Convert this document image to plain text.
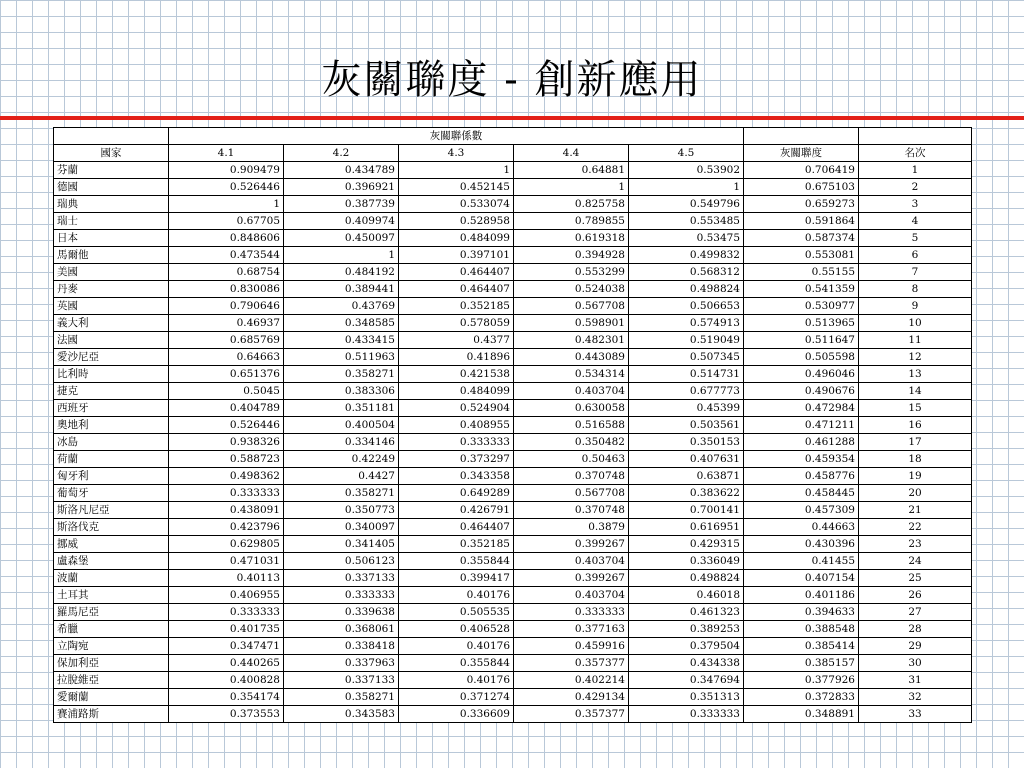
灰關聯度 - 創新應用
	灰關聯係數						
國家	4.1	4.2	4.3	4.4	4.5	灰關聯度	名次
芬蘭	0.909479	0.434789	1	0.64881	0.53902	0.706419	1
德國	0.526446	0.396921	0.452145	1	1	0.675103	2
瑞典	1	0.387739	0.533074	0.825758	0.549796	0.659273	3
瑞士	0.67705	0.409974	0.528958	0.789855	0.553485	0.591864	4
日本	0.848606	0.450097	0.484099	0.619318	0.53475	0.587374	5
馬爾他	0.473544	1	0.397101	0.394928	0.499832	0.553081	6
美國	0.68754	0.484192	0.464407	0.553299	0.568312	0.55155	7
丹麥	0.830086	0.389441	0.464407	0.524038	0.498824	0.541359	8
英國	0.790646	0.43769	0.352185	0.567708	0.506653	0.530977	9
義大利	0.46937	0.348585	0.578059	0.598901	0.574913	0.513965	10
法國	0.685769	0.433415	0.4377	0.482301	0.519049	0.511647	11
愛沙尼亞	0.64663	0.511963	0.41896	0.443089	0.507345	0.505598	12
比利時	0.651376	0.358271	0.421538	0.534314	0.514731	0.496046	13
捷克	0.5045	0.383306	0.484099	0.403704	0.677773	0.490676	14
西班牙	0.404789	0.351181	0.524904	0.630058	0.45399	0.472984	15
奧地利	0.526446	0.400504	0.408955	0.516588	0.503561	0.471211	16
冰島	0.938326	0.334146	0.333333	0.350482	0.350153	0.461288	17
荷蘭	0.588723	0.42249	0.373297	0.50463	0.407631	0.459354	18
匈牙利	0.498362	0.4427	0.343358	0.370748	0.63871	0.458776	19
葡萄牙	0.333333	0.358271	0.649289	0.567708	0.383622	0.458445	20
斯洛凡尼亞	0.438091	0.350773	0.426791	0.370748	0.700141	0.457309	21
斯洛伐克	0.423796	0.340097	0.464407	0.3879	0.616951	0.44663	22
挪威	0.629805	0.341405	0.352185	0.399267	0.429315	0.430396	23
盧森堡	0.471031	0.506123	0.355844	0.403704	0.336049	0.41455	24
波蘭	0.40113	0.337133	0.399417	0.399267	0.498824	0.407154	25
土耳其	0.406955	0.333333	0.40176	0.403704	0.46018	0.401186	26
羅馬尼亞	0.333333	0.339638	0.505535	0.333333	0.461323	0.394633	27
希臘	0.401735	0.368061	0.406528	0.377163	0.389253	0.388548	28
立陶宛	0.347471	0.338418	0.40176	0.459916	0.379504	0.385414	29
保加利亞	0.440265	0.337963	0.355844	0.357377	0.434338	0.385157	30
拉脫維亞	0.400828	0.337133	0.40176	0.402214	0.347694	0.377926	31
愛爾蘭	0.354174	0.358271	0.371274	0.429134	0.351313	0.372833	32
賽浦路斯	0.373553	0.343583	0.336609	0.357377	0.333333	0.348891	33
